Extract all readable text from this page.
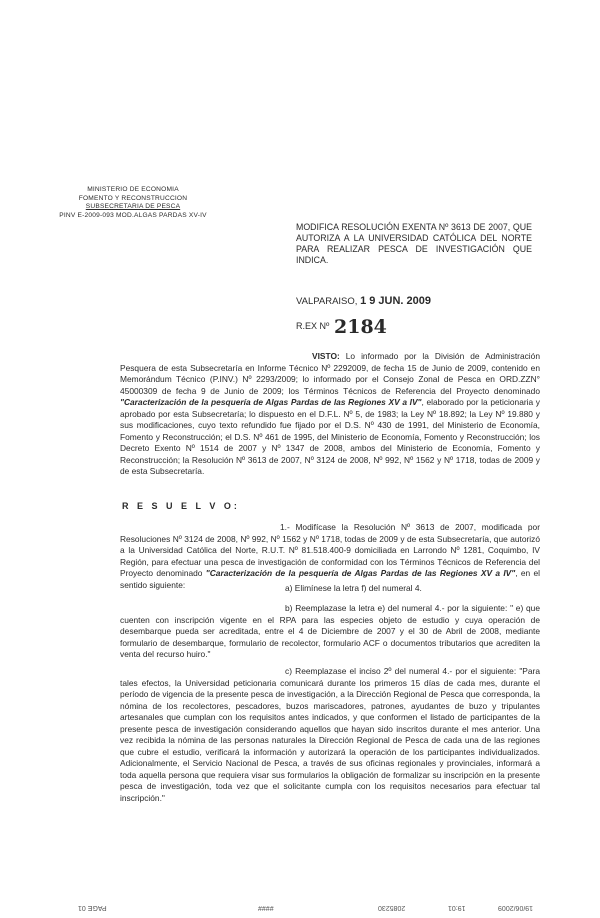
MINISTERIO DE ECONOMIA
FOMENTO Y RECONSTRUCCION
SUBSECRETARIA DE PESCA
PINV E-2009-093 MOD.ALGAS PARDAS XV-IV
MODIFICA RESOLUCIÓN EXENTA Nº 3613 DE 2007, QUE AUTORIZA A LA UNIVERSIDAD CATÓLICA DEL NORTE PARA REALIZAR PESCA DE INVESTIGACIÓN QUE INDICA.
VALPARAISO, 1 9 JUN. 2009
R.EX Nº 2184
VISTO: Lo informado por la División de Administración Pesquera de esta Subsecretaría en Informe Técnico Nº 2292009, de fecha 15 de Junio de 2009, contenido en Memorándum Técnico (P.INV.) Nº 2293/2009; lo informado por el Consejo Zonal de Pesca en ORD.ZZN° 45000309 de fecha 9 de Junio de 2009; los Términos Técnicos de Referencia del Proyecto denominado "Caracterización de la pesquería de Algas Pardas de las Regiones XV a IV", elaborado por la peticionaria y aprobado por esta Subsecretaría; lo dispuesto en el D.F.L. Nº 5, de 1983; la Ley Nº 18.892; la Ley Nº 19.880 y sus modificaciones, cuyo texto refundido fue fijado por el D.S. Nº 430 de 1991, del Ministerio de Economía, Fomento y Reconstrucción; el D.S. Nº 461 de 1995, del Ministerio de Economía, Fomento y Reconstrucción; los Decreto Exento Nº 1514 de 2007 y Nº 1347 de 2008, ambos del Ministerio de Economía, Fomento y Reconstrucción; la Resolución Nº 3613 de 2007, Nº 3124 de 2008, Nº 992, Nº 1562 y Nº 1718, todas de 2009 y de esta Subsecretaría.
R E S U E L V O:
1.- Modifícase la Resolución Nº 3613 de 2007, modificada por Resoluciones Nº 3124 de 2008, Nº 992, Nº 1562 y Nº 1718, todas de 2009 y de esta Subsecretaría, que autorizó a la Universidad Católica del Norte, R.U.T. Nº 81.518.400-9 domiciliada en Larrondo Nº 1281, Coquimbo, IV Región, para efectuar una pesca de investigación de conformidad con los Términos Técnicos de Referencia del Proyecto denominado "Caracterización de la pesquería de Algas Pardas de las Regiones XV a IV", en el sentido siguiente:	a) Elimínese la letra f) del numeral 4.
b) Reemplazase la letra e) del numeral 4.- por la siguiente: " e) que cuenten con inscripción vigente en el RPA para las especies objeto de estudio y cuya operación de desembarque pueda ser acreditada, entre el 4 de Diciembre de 2007 y el 30 de Abril de 2008, mediante formulario de desembarque, formulario de recolector, formulario ACF o documentos tributarios que acrediten la venta del recurso huiro."
c) Reemplazase el inciso 2º del numeral 4.- por el siguiente: "Para tales efectos, la Universidad peticionaria comunicará durante los primeros 15 días de cada mes, durante el período de vigencia de la presente pesca de investigación, a la Dirección Regional de Pesca que corresponda, la nómina de los recolectores, pescadores, buzos mariscadores, patrones, ayudantes de buzo y tripulantes artesanales que cumplan con los requisitos antes indicados, y que conformen el listado de participantes de la presente pesca de investigación considerando aquellos que hayan sido inscritos durante el mes anterior. Una vez recibida la nómina de las personas naturales la Dirección Regional de Pesca de cada una de las regiones que cubre el estudio, verificará la información y autorizará la operación de los participantes individualizados. Adicionalmente, el Servicio Nacional de Pesca, a través de sus oficinas regionales y provinciales, informará a toda aquella persona que requiera visar sus formularios la obligación de formalizar su inscripción en la presente pesca de investigación, toda vez que el solicitante cumpla con los requisitos necesarios para efectuar tal inscripción."
PAGE 01	####	2085230	19:01	19/06/2009
